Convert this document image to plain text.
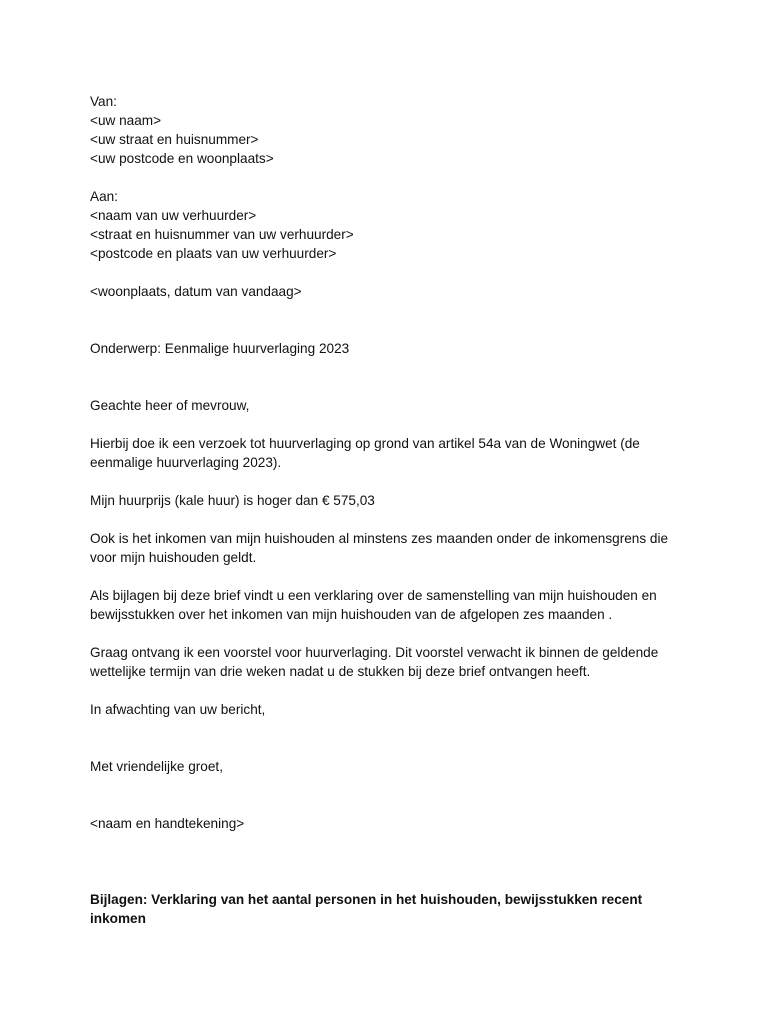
Van:
<uw naam>
<uw straat en huisnummer>
<uw postcode en woonplaats>
Aan:
<naam van uw verhuurder>
<straat en huisnummer van uw verhuurder>
<postcode en plaats van uw verhuurder>
<woonplaats, datum van vandaag>
Onderwerp: Eenmalige huurverlaging 2023
Geachte heer of mevrouw,

Hierbij doe ik een verzoek tot huurverlaging op grond van artikel 54a van de Woningwet (de eenmalige huurverlaging 2023).

Mijn huurprijs (kale huur) is hoger dan € 575,03

Ook is het inkomen van mijn huishouden al minstens zes maanden onder de inkomensgrens die voor mijn huishouden geldt.

Als bijlagen bij deze brief vindt u een verklaring over de samenstelling van mijn huishouden en bewijsstukken over het inkomen van mijn huishouden van de afgelopen zes maanden .

Graag ontvang ik een voorstel voor huurverlaging. Dit voorstel verwacht ik binnen de geldende wettelijke termijn van drie weken nadat u de stukken bij deze brief ontvangen heeft.

In afwachting van uw bericht,

Met vriendelijke groet,
<naam en handtekening>

Bijlagen: Verklaring van het aantal personen in het huishouden, bewijsstukken recent inkomen
